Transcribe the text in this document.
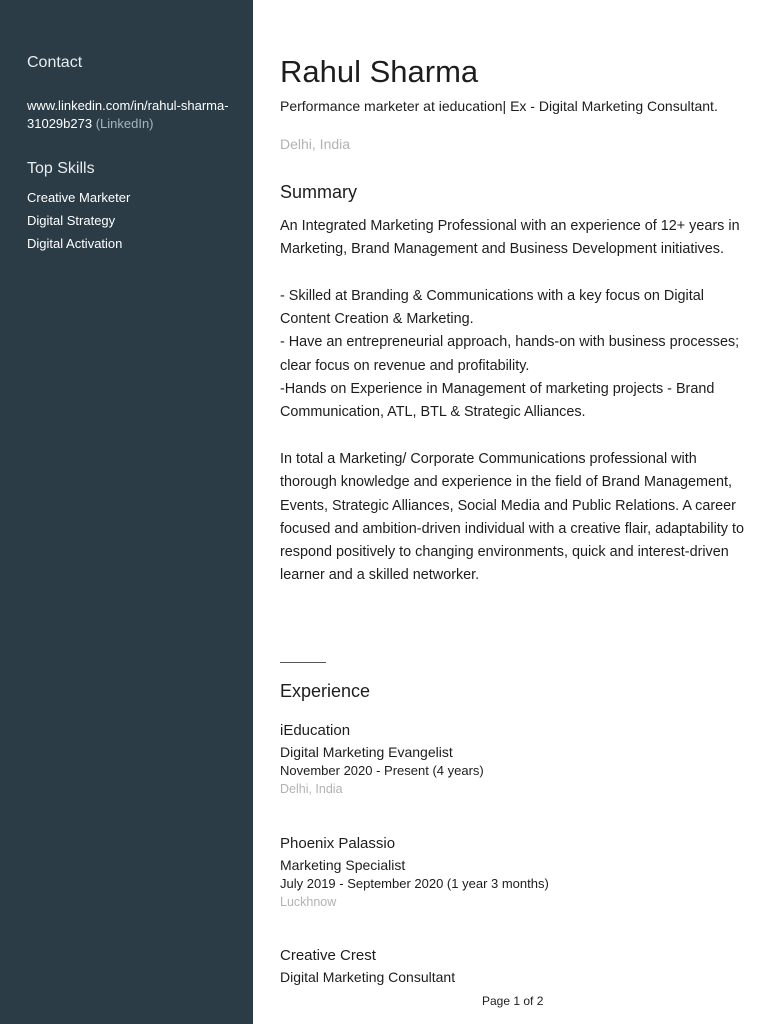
Contact
www.linkedin.com/in/rahul-sharma-31029b273 (LinkedIn)
Top Skills
Creative Marketer
Digital Strategy
Digital Activation
Rahul Sharma
Performance marketer at ieducation| Ex - Digital Marketing Consultant.
Delhi, India
Summary

An Integrated Marketing Professional with an experience of 12+ years in Marketing, Brand Management and Business Development initiatives.

- Skilled at Branding & Communications with a key focus on Digital Content Creation & Marketing.
- Have an entrepreneurial approach, hands-on with business processes; clear focus on revenue and profitability.
-Hands on Experience in Management of marketing projects - Brand Communication, ATL, BTL & Strategic Alliances.

In total a Marketing/ Corporate Communications professional with thorough knowledge and experience in the field of Brand Management, Events, Strategic Alliances, Social Media and Public Relations. A career focused and ambition-driven individual with a creative flair, adaptability to respond positively to changing environments, quick and interest-driven learner and a skilled networker.

Experience
iEducation
Digital Marketing Evangelist
November 2020 - Present (4 years)
Delhi, India
Phoenix Palassio
Marketing Specialist
July 2019 - September 2020 (1 year 3 months)
Luckhnow
Creative Crest
Digital Marketing Consultant
Page 1 of 2
